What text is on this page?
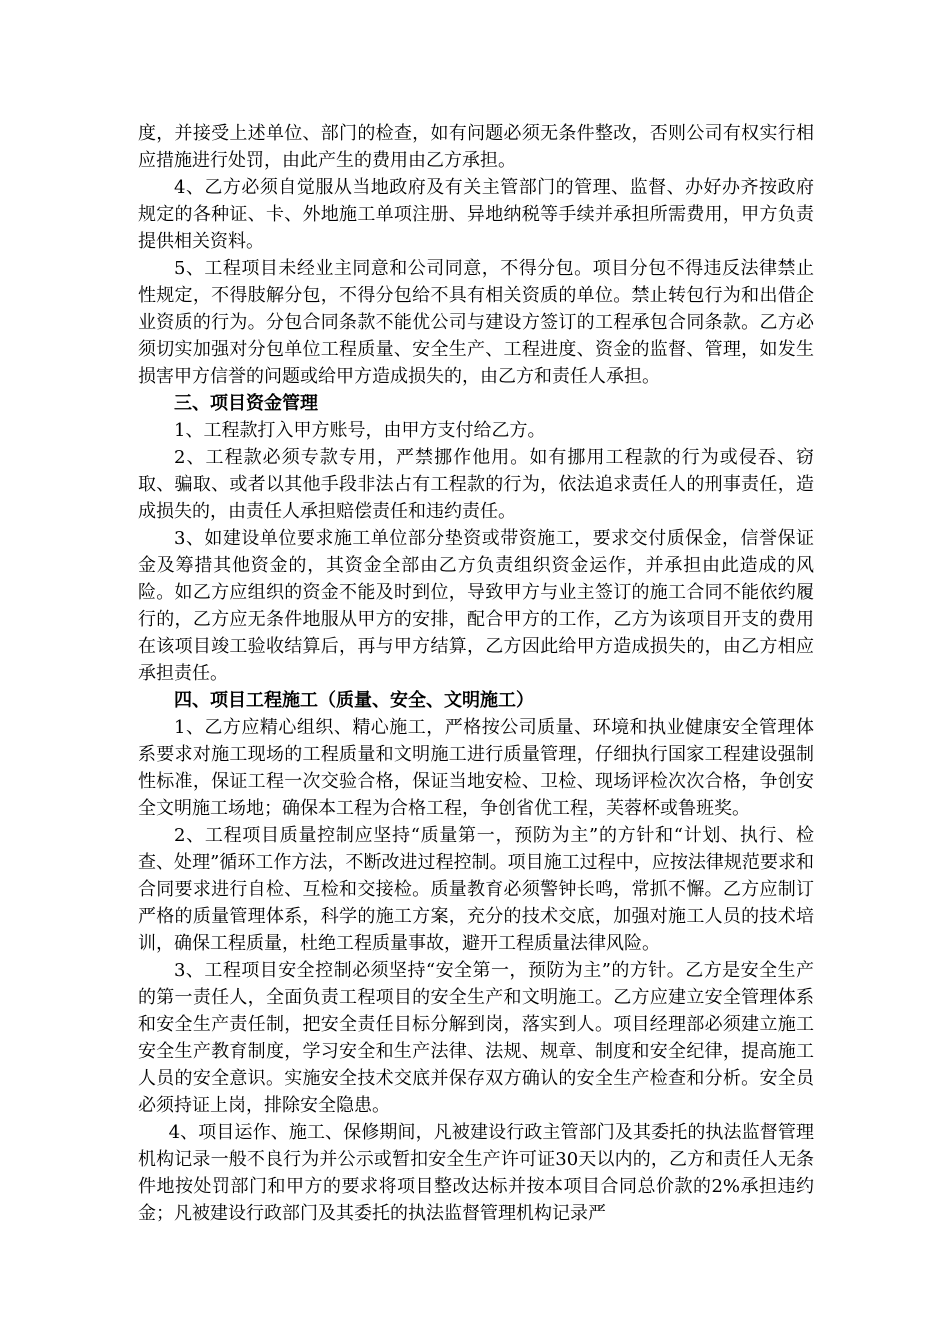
度，并接受上述单位、部门的检查，如有问题必须无条件整改，否则公司有权实行相应措施进行处罚，由此产生的费用由乙方承担。

4、乙方必须自觉服从当地政府及有关主管部门的管理、监督、办好办齐按政府规定的各种证、卡、外地施工单项注册、异地纳税等手续并承担所需费用，甲方负责提供相关资料。

5、工程项目未经业主同意和公司同意，不得分包。项目分包不得违反法律禁止性规定，不得肢解分包，不得分包给不具有相关资质的单位。禁止转包行为和出借企业资质的行为。分包合同条款不能优公司与建设方签订的工程承包合同条款。乙方必须切实加强对分包单位工程质量、安全生产、工程进度、资金的监督、管理，如发生损害甲方信誉的问题或给甲方造成损失的，由乙方和责任人承担。

三、项目资金管理

1、工程款打入甲方账号，由甲方支付给乙方。

2、工程款必须专款专用，严禁挪作他用。如有挪用工程款的行为或侵吞、窃取、骗取、或者以其他手段非法占有工程款的行为，依法追求责任人的刑事责任，造成损失的，由责任人承担赔偿责任和违约责任。

3、如建设单位要求施工单位部分垫资或带资施工，要求交付质保金，信誉保证金及筹措其他资金的，其资金全部由乙方负责组织资金运作，并承担由此造成的风险。如乙方应组织的资金不能及时到位，导致甲方与业主签订的施工合同不能依约履行的，乙方应无条件地服从甲方的安排，配合甲方的工作，乙方为该项目开支的费用在该项目竣工验收结算后，再与甲方结算，乙方因此给甲方造成损失的，由乙方相应承担责任。

四、项目工程施工（质量、安全、文明施工）

1、乙方应精心组织、精心施工，严格按公司质量、环境和执业健康安全管理体系要求对施工现场的工程质量和文明施工进行质量管理，仔细执行国家工程建设强制性标准，保证工程一次交验合格，保证当地安检、卫检、现场评检次次合格，争创安全文明施工场地；确保本工程为合格工程，争创省优工程，芙蓉杯或鲁班奖。

2、工程项目质量控制应坚持“质量第一，预防为主”的方针和“计划、执行、检查、处理”循环工作方法，不断改进过程控制。项目施工过程中，应按法律规范要求和合同要求进行自检、互检和交接检。质量教育必须警钟长鸣，常抓不懈。乙方应制订严格的质量管理体系，科学的施工方案，充分的技术交底，加强对施工人员的技术培训，确保工程质量，杜绝工程质量事故，避开工程质量法律风险。

3、工程项目安全控制必须坚持“安全第一，预防为主”的方针。乙方是安全生产的第一责任人，全面负责工程项目的安全生产和文明施工。乙方应建立安全管理体系和安全生产责任制，把安全责任目标分解到岗，落实到人。项目经理部必须建立施工安全生产教育制度，学习安全和生产法律、法规、规章、制度和安全纪律，提高施工人员的安全意识。实施安全技术交底并保存双方确认的安全生产检查和分析。安全员必须持证上岗，排除安全隐患。

4、项目运作、施工、保修期间，凡被建设行政主管部门及其委托的执法监督管理机构记录一般不良行为并公示或暂扣安全生产许可证30天以内的，乙方和责任人无条件地按处罚部门和甲方的要求将项目整改达标并按本项目合同总价款的2%承担违约金；凡被建设行政部门及其委托的执法监督管理机构记录严
